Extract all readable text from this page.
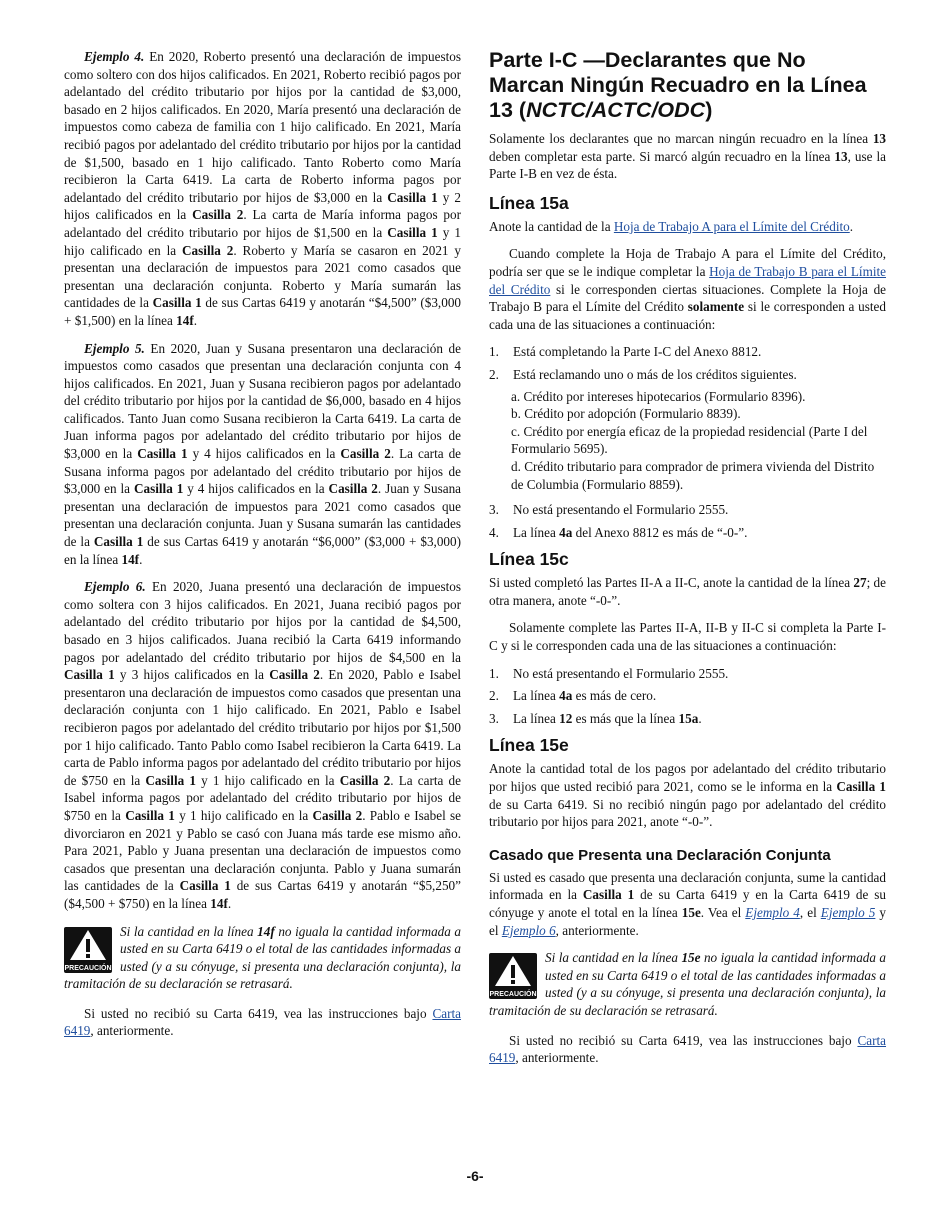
Ejemplo 4. En 2020, Roberto presentó una declaración de impuestos como soltero con dos hijos calificados. En 2021, Roberto recibió pagos por adelantado del crédito tributario por hijos por la cantidad de $3,000, basado en 2 hijos calificados. En 2020, María presentó una declaración de impuestos como cabeza de familia con 1 hijo calificado. En 2021, María recibió pagos por adelantado del crédito tributario por hijos por la cantidad de $1,500, basado en 1 hijo calificado. Tanto Roberto como María recibieron la Carta 6419. La carta de Roberto informa pagos por adelantado del crédito tributario por hijos de $3,000 en la Casilla 1 y 2 hijos calificados en la Casilla 2. La carta de María informa pagos por adelantado del crédito tributario por hijos de $1,500 en la Casilla 1 y 1 hijo calificado en la Casilla 2. Roberto y María se casaron en 2021 y presentan una declaración de impuestos para 2021 como casados que presentan una declaración conjunta. Roberto y María sumarán las cantidades de la Casilla 1 de sus Cartas 6419 y anotarán “$4,500” ($3,000 + $1,500) en la línea 14f.

Ejemplo 5. En 2020, Juan y Susana presentaron una declaración de impuestos como casados que presentan una declaración conjunta con 4 hijos calificados. En 2021, Juan y Susana recibieron pagos por adelantado del crédito tributario por hijos por la cantidad de $6,000, basado en 4 hijos calificados. Tanto Juan como Susana recibieron la Carta 6419. La carta de Juan informa pagos por adelantado del crédito tributario por hijos de $3,000 en la Casilla 1 y 4 hijos calificados en la Casilla 2. La carta de Susana informa pagos por adelantado del crédito tributario por hijos de $3,000 en la Casilla 1 y 4 hijos calificados en la Casilla 2. Juan y Susana presentan una declaración de impuestos para 2021 como casados que presentan una declaración conjunta. Juan y Susana sumarán las cantidades de la Casilla 1 de sus Cartas 6419 y anotarán “$6,000” ($3,000 + $3,000) en la línea 14f.

Ejemplo 6. En 2020, Juana presentó una declaración de impuestos como soltera con 3 hijos calificados. En 2021, Juana recibió pagos por adelantado del crédito tributario por hijos por la cantidad de $4,500, basado en 3 hijos calificados. Juana recibió la Carta 6419 informando pagos por adelantado del crédito tributario por hijos de $4,500 en la Casilla 1 y 3 hijos calificados en la Casilla 2. En 2020, Pablo e Isabel presentaron una declaración de impuestos como casados que presentan una declaración conjunta con 1 hijo calificado. En 2021, Pablo e Isabel recibieron pagos por adelantado del crédito tributario por hijos por $1,500 por 1 hijo calificado. Tanto Pablo como Isabel recibieron la Carta 6419. La carta de Pablo informa pagos por adelantado del crédito tributario por hijos de $750 en la Casilla 1 y 1 hijo calificado en la Casilla 2. La carta de Isabel informa pagos por adelantado del crédito tributario por hijos de $750 en la Casilla 1 y 1 hijo calificado en la Casilla 2. Pablo e Isabel se divorciaron en 2021 y Pablo se casó con Juana más tarde ese mismo año. Para 2021, Pablo y Juana presentan una declaración de impuestos como casados que presentan una declaración conjunta. Pablo y Juana sumarán las cantidades de la Casilla 1 de sus Cartas 6419 y anotarán “$5,250” ($4,500 + $750) en la línea 14f.

PRECAUCIÓN

Si la cantidad en la línea 14f no iguala la cantidad informada a usted en su Carta 6419 o el total de las cantidades informadas a usted (y a su cónyuge, si presenta una declaración conjunta), la tramitación de su declaración se retrasará.

Si usted no recibió su Carta 6419, vea las instrucciones bajo Carta 6419, anteriormente.

Parte I-C —Declarantes que No Marcan Ningún Recuadro en la Línea 13 (NCTC/ACTC/ODC)

Solamente los declarantes que no marcan ningún recuadro en la línea 13 deben completar esta parte. Si marcó algún recuadro en la línea 13, use la Parte I-B en vez de ésta.

Línea 15a

Anote la cantidad de la Hoja de Trabajo A para el Límite del Crédito.

Cuando complete la Hoja de Trabajo A para el Límite del Crédito, podría ser que se le indique completar la Hoja de Trabajo B para el Límite del Crédito si le corresponden ciertas situaciones. Complete la Hoja de Trabajo B para el Límite del Crédito solamente si le corresponden a usted cada una de las situaciones a continuación:

1. Está completando la Parte I-C del Anexo 8812.
2. Está reclamando uno o más de los créditos siguientes.

a. Crédito por intereses hipotecarios (Formulario 8396).

b. Crédito por adopción (Formulario 8839).

c. Crédito por energía eficaz de la propiedad residencial (Parte I del Formulario 5695).

d. Crédito tributario para comprador de primera vivienda del Distrito de Columbia (Formulario 8859).

3. No está presentando el Formulario 2555.
4. La línea 4a del Anexo 8812 es más de “-0-”.
Línea 15c

Si usted completó las Partes II-A a II-C, anote la cantidad de la línea 27; de otra manera, anote “-0-”.

Solamente complete las Partes II-A, II-B y II-C si completa la Parte I-C y si le corresponden cada una de las situaciones a continuación:

1. No está presentando el Formulario 2555.
2. La línea 4a es más de cero.
3. La línea 12 es más que la línea 15a.
Línea 15e

Anote la cantidad total de los pagos por adelantado del crédito tributario por hijos que usted recibió para 2021, como se le informa en la Casilla 1 de su Carta 6419. Si no recibió ningún pago por adelantado del crédito tributario por hijos para 2021, anote “-0-”.

Casado que Presenta una Declaración Conjunta

Si usted es casado que presenta una declaración conjunta, sume la cantidad informada en la Casilla 1 de su Carta 6419 y en la Carta 6419 de su cónyuge y anote el total en la línea 15e. Vea el Ejemplo 4, el Ejemplo 5 y el Ejemplo 6, anteriormente.

PRECAUCIÓN

Si la cantidad en la línea 15e no iguala la cantidad informada a usted en su Carta 6419 o el total de las cantidades informadas a usted (y a su cónyuge, si presenta una declaración conjunta), la tramitación de su declaración se retrasará.

Si usted no recibió su Carta 6419, vea las instrucciones bajo Carta 6419, anteriormente.

-6-
